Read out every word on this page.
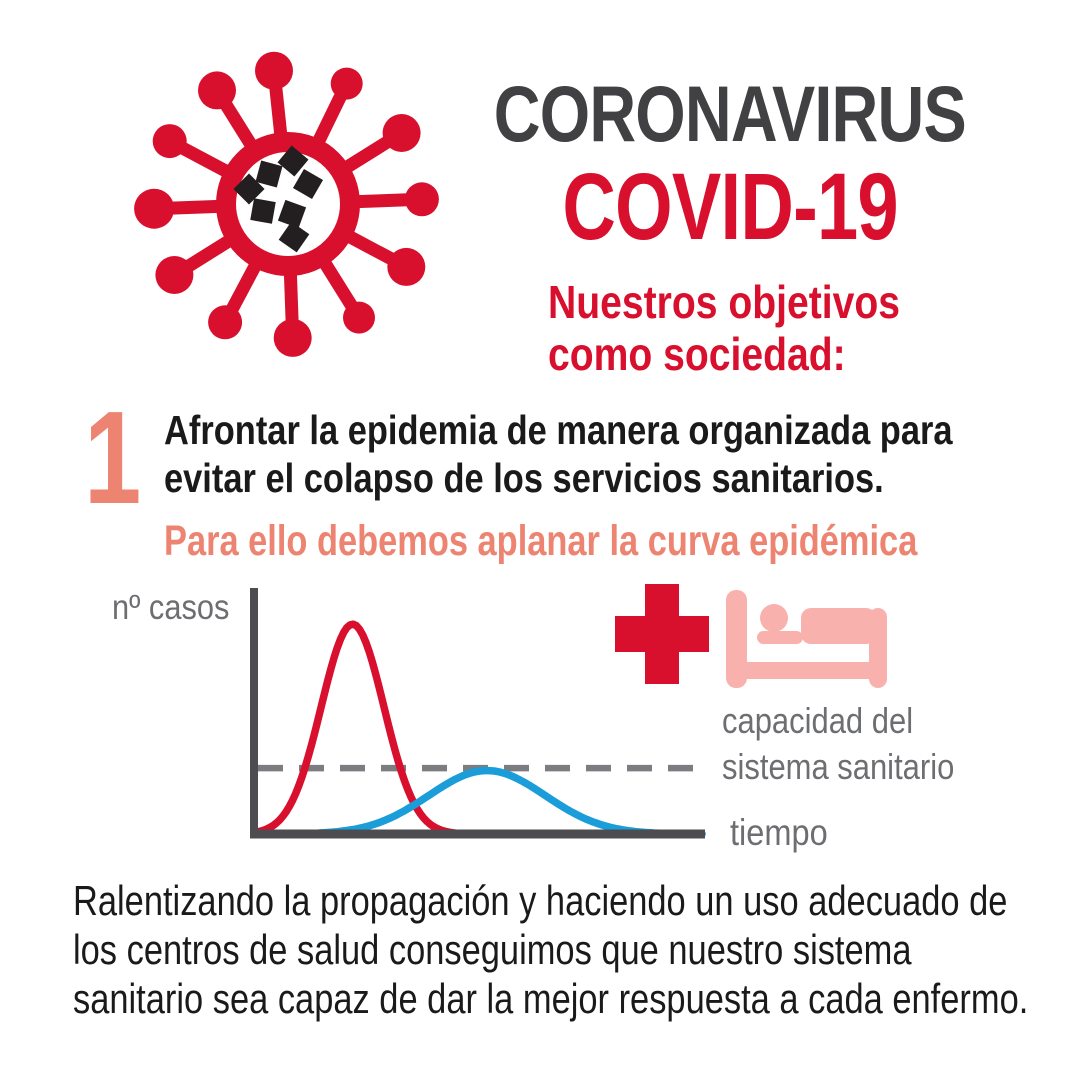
CORONAVIRUS
COVID-19
Nuestros objetivos
como sociedad:
1 Afrontar la epidemia de manera organizada para
evitar el colapso de los servicios sanitarios.
Para ello debemos aplanar la curva epidémica
nº casos
capacidad del
sistema sanitario
tiempo
Ralentizando la propagación y haciendo un uso adecuado de
los centros de salud conseguimos que nuestro sistema
sanitario sea capaz de dar la mejor respuesta a cada enfermo.
